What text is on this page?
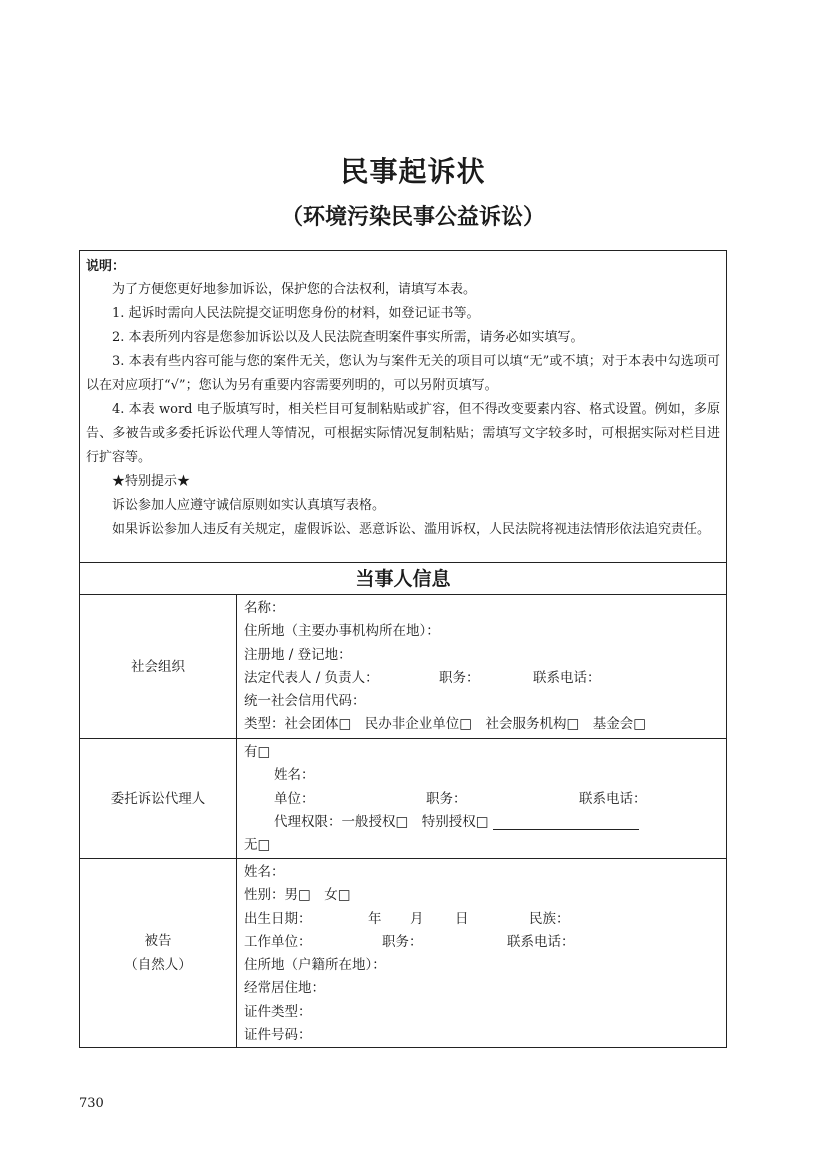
民事起诉状
（环境污染民事公益诉讼）
说明：

为了方便您更好地参加诉讼，保护您的合法权利，请填写本表。

1. 起诉时需向人民法院提交证明您身份的材料，如登记证书等。

2. 本表所列内容是您参加诉讼以及人民法院查明案件事实所需，请务必如实填写。

3. 本表有些内容可能与您的案件无关，您认为与案件无关的项目可以填“无”或不填；对于本表中勾选项可以在对应项打“√”；您认为另有重要内容需要列明的，可以另附页填写。

4. 本表 word 电子版填写时，相关栏目可复制粘贴或扩容，但不得改变要素内容、格式设置。例如，多原告、多被告或多委托诉讼代理人等情况，可根据实际情况复制粘贴；需填写文字较多时，可根据实际对栏目进行扩容等。

★特别提示★

诉讼参加人应遵守诚信原则如实认真填写表格。

如果诉讼参加人违反有关规定，虚假诉讼、恶意诉讼、滥用诉权，人民法院将视违法情形依法追究责任。

当事人信息
社会组织
名称：
住所地（主要办事机构所在地）：
注册地 / 登记地：
法定代表人 / 负责人：	职务：	联系电话：
统一社会信用代码：
类型：社会团体□　民办非企业单位□　社会服务机构□　基金会□
委托诉讼代理人
有□
姓名：
单位：	职务：	联系电话：
代理权限：一般授权□　特别授权□
无□
被告
（自然人）
姓名：
性别：男□　女□
出生日期：	年 月 日	民族：
工作单位：	职务：	联系电话：
住所地（户籍所在地）：
经常居住地：
证件类型：
证件号码：
730
